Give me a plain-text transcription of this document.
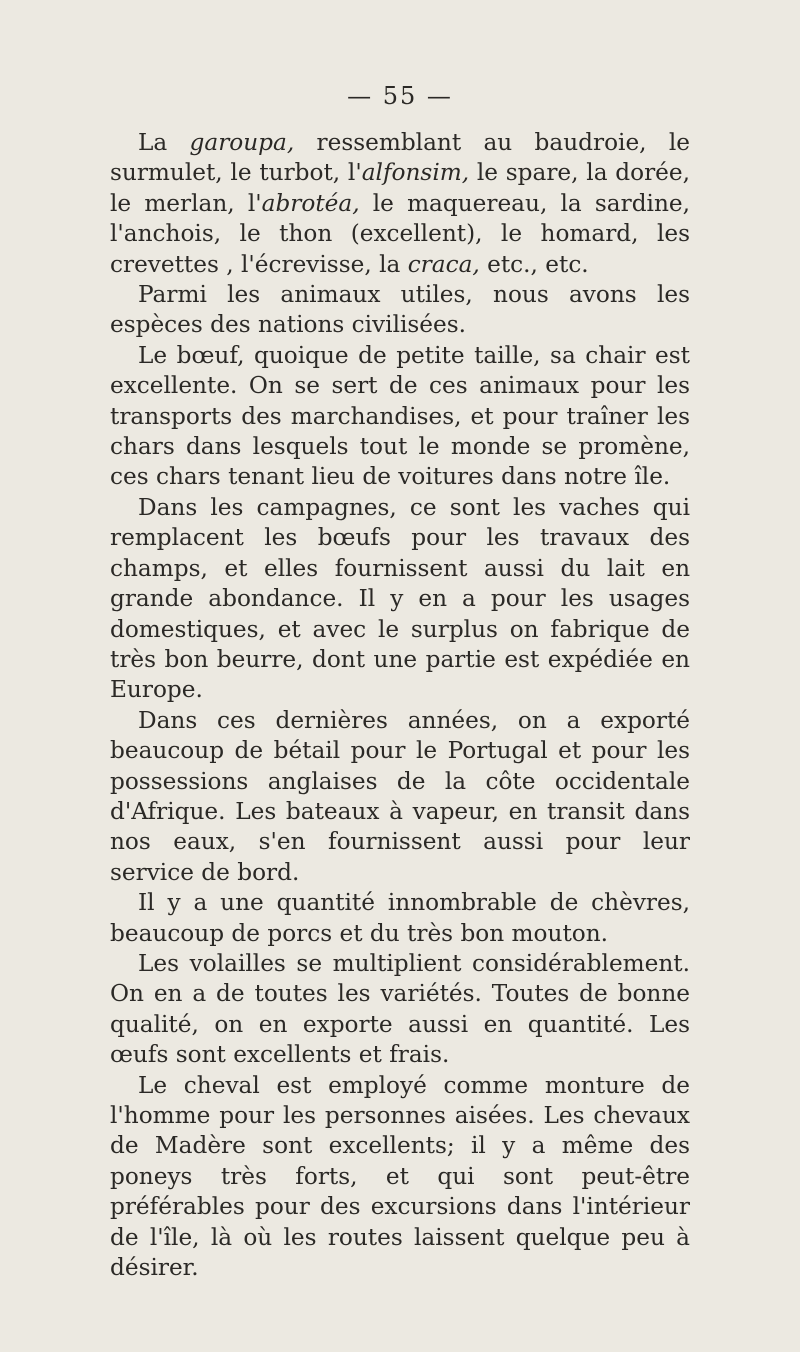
— 55 —

La garoupa, ressemblant au baudroie, le surmulet, le turbot, l'alfonsim, le spare, la dorée, le merlan, l'abrotéa, le maquereau, la sardine, l'anchois, le thon (excellent), le homard, les crevettes , l'écrevisse, la craca, etc., etc.

Parmi les animaux utiles, nous avons les espèces des nations civilisées.

Le bœuf, quoique de petite taille, sa chair est excellente. On se sert de ces animaux pour les transports des marchandises, et pour traîner les chars dans lesquels tout le monde se promène, ces chars tenant lieu de voitures dans notre île.

Dans les campagnes, ce sont les vaches qui remplacent les bœufs pour les travaux des champs, et elles fournissent aussi du lait en grande abondance. Il y en a pour les usages domestiques, et avec le surplus on fabrique de très bon beurre, dont une partie est expédiée en Europe.

Dans ces dernières années, on a exporté beaucoup de bétail pour le Portugal et pour les possessions anglaises de la côte occidentale d'Afrique. Les bateaux à vapeur, en transit dans nos eaux, s'en fournissent aussi pour leur service de bord.

Il y a une quantité innombrable de chèvres, beaucoup de porcs et du très bon mouton.

Les volailles se multiplient considérablement. On en a de toutes les variétés. Toutes de bonne qualité, on en exporte aussi en quantité. Les œufs sont excellents et frais.

Le cheval est employé comme monture de l'homme pour les personnes aisées. Les chevaux de Madère sont excellents; il y a même des poneys très forts, et qui sont peut-être préférables pour des excursions dans l'intérieur de l'île, là où les routes laissent quelque peu à désirer.
